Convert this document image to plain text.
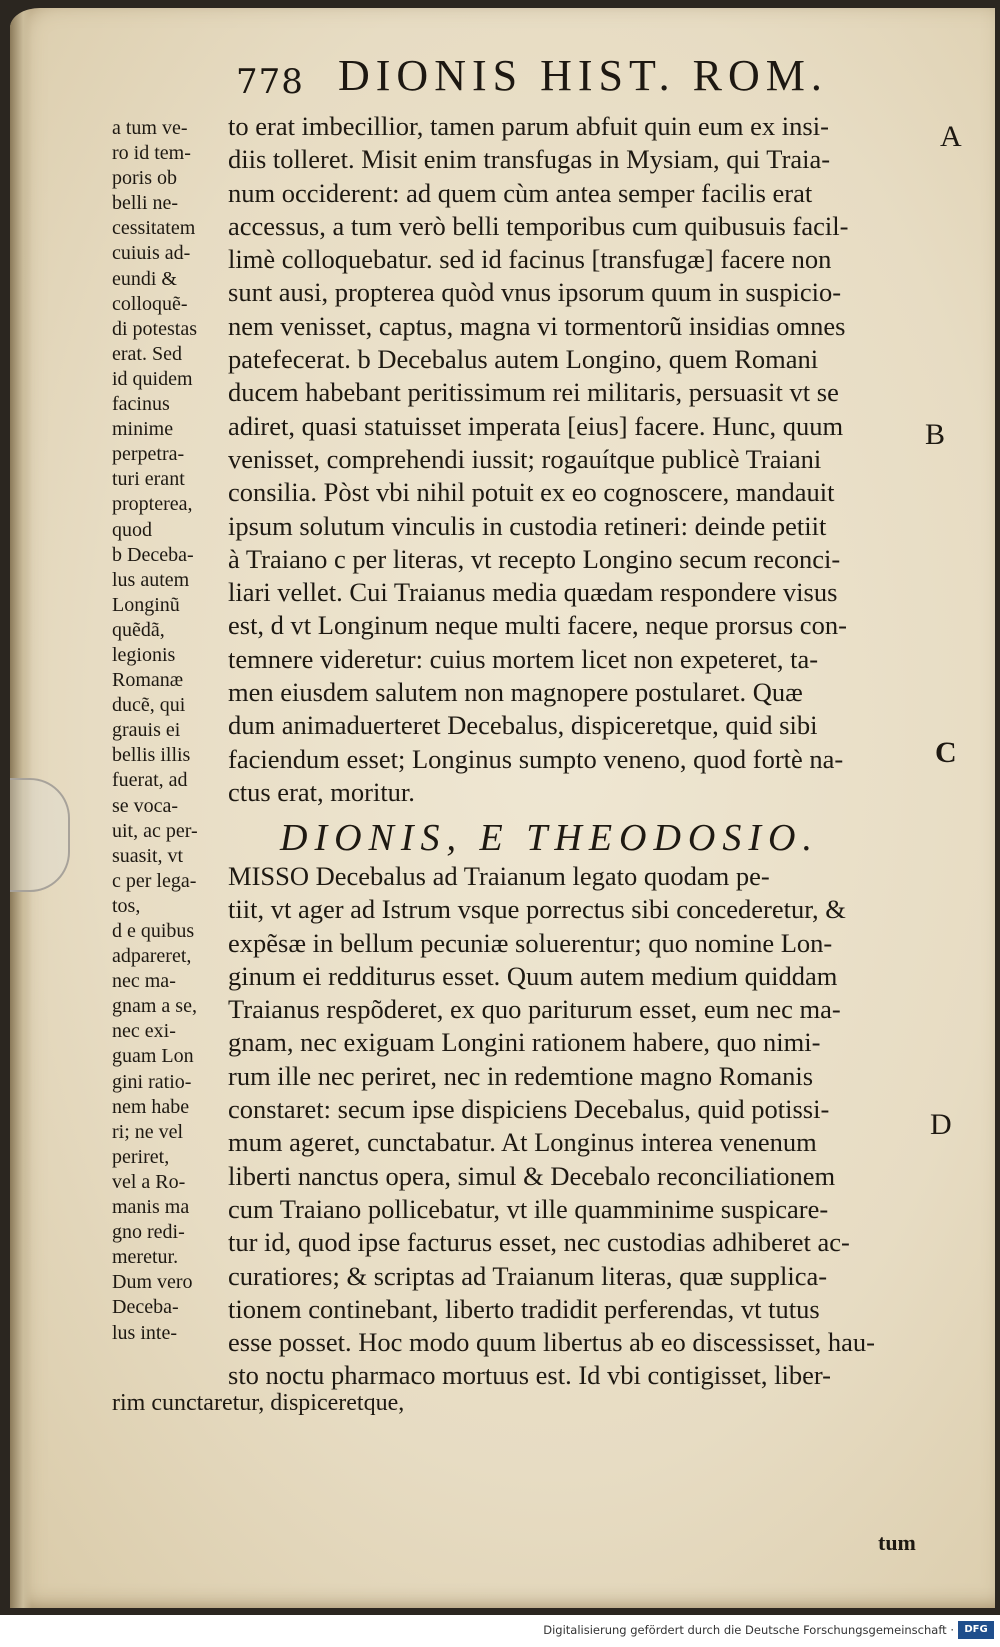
778 DIONIS HIST. ROM.
A
B
C
D
a tum ve-
ro id tem-
poris ob
belli ne-
cessitatem
cuiuis ad-
eundi &
colloquẽ-
di potestas
erat. Sed
id quidem
facinus
minime
perpetra-
turi erant
propterea,
quod
b Deceba-
lus autem
Longinũ
quẽdã,
legionis
Romanæ
ducẽ, qui
grauis ei
bellis illis
fuerat, ad
se voca-
uit, ac per-
suasit, vt
c per lega-
tos,
d e quibus
adpareret,
nec ma-
gnam a se,
nec exi-
guam Lon
gini ratio-
nem habe
ri; ne vel
periret,
vel a Ro-
manis ma
gno redi-
meretur.
Dum vero
Deceba-
lus inte-
to erat imbecillior, tamen parum abfuit quin eum ex insi-
diis tolleret. Misit enim transfugas in Mysiam, qui Traia-
num occiderent: ad quem cùm antea semper facilis erat
accessus, a tum verò belli temporibus cum quibusuis facil-
limè colloquebatur. sed id facinus [transfugæ] facere non
sunt ausi, propterea quòd vnus ipsorum quum in suspicio-
nem venisset, captus, magna vi tormentorũ insidias omnes
patefecerat. b Decebalus autem Longino, quem Romani
ducem habebant peritissimum rei militaris, persuasit vt se
adiret, quasi statuisset imperata [eius] facere. Hunc, quum
venisset, comprehendi iussit; rogauítque publicè Traiani
consilia. Pòst vbi nihil potuit ex eo cognoscere, mandauit
ipsum solutum vinculis in custodia retineri: deinde petiit
à Traiano c per literas, vt recepto Longino secum reconci-
liari vellet. Cui Traianus media quædam respondere visus
est, d vt Longinum neque multi facere, neque prorsus con-
temnere videretur: cuius mortem licet non expeteret, ta-
men eiusdem salutem non magnopere postularet. Quæ
dum animaduerteret Decebalus, dispiceretque, quid sibi
faciendum esset; Longinus sumpto veneno, quod fortè na-
ctus erat, moritur.
DIONIS, E THEODOSIO.
MISSO Decebalus ad Traianum legato quodam pe-
tiit, vt ager ad Istrum vsque porrectus sibi concederetur, &
expẽsæ in bellum pecuniæ soluerentur; quo nomine Lon-
ginum ei redditurus esset. Quum autem medium quiddam
Traianus respõderet, ex quo pariturum esset, eum nec ma-
gnam, nec exiguam Longini rationem habere, quo nimi-
rum ille nec periret, nec in redemtione magno Romanis
constaret: secum ipse dispiciens Decebalus, quid potissi-
mum ageret, cunctabatur. At Longinus interea venenum
liberti nanctus opera, simul & Decebalo reconciliationem
cum Traiano pollicebatur, vt ille quamminime suspicare-
tur id, quod ipse facturus esset, nec custodias adhiberet ac-
curatiores; & scriptas ad Traianum literas, quæ supplica-
tionem continebant, liberto tradidit perferendas, vt tutus
esse posset. Hoc modo quum libertus ab eo discessisset, hau-
sto noctu pharmaco mortuus est. Id vbi contigisset, liber-
rim cunctaretur, dispiceretque,
tum
Digitalisierung gefördert durch die Deutsche Forschungsgemeinschaft ·	DFG
